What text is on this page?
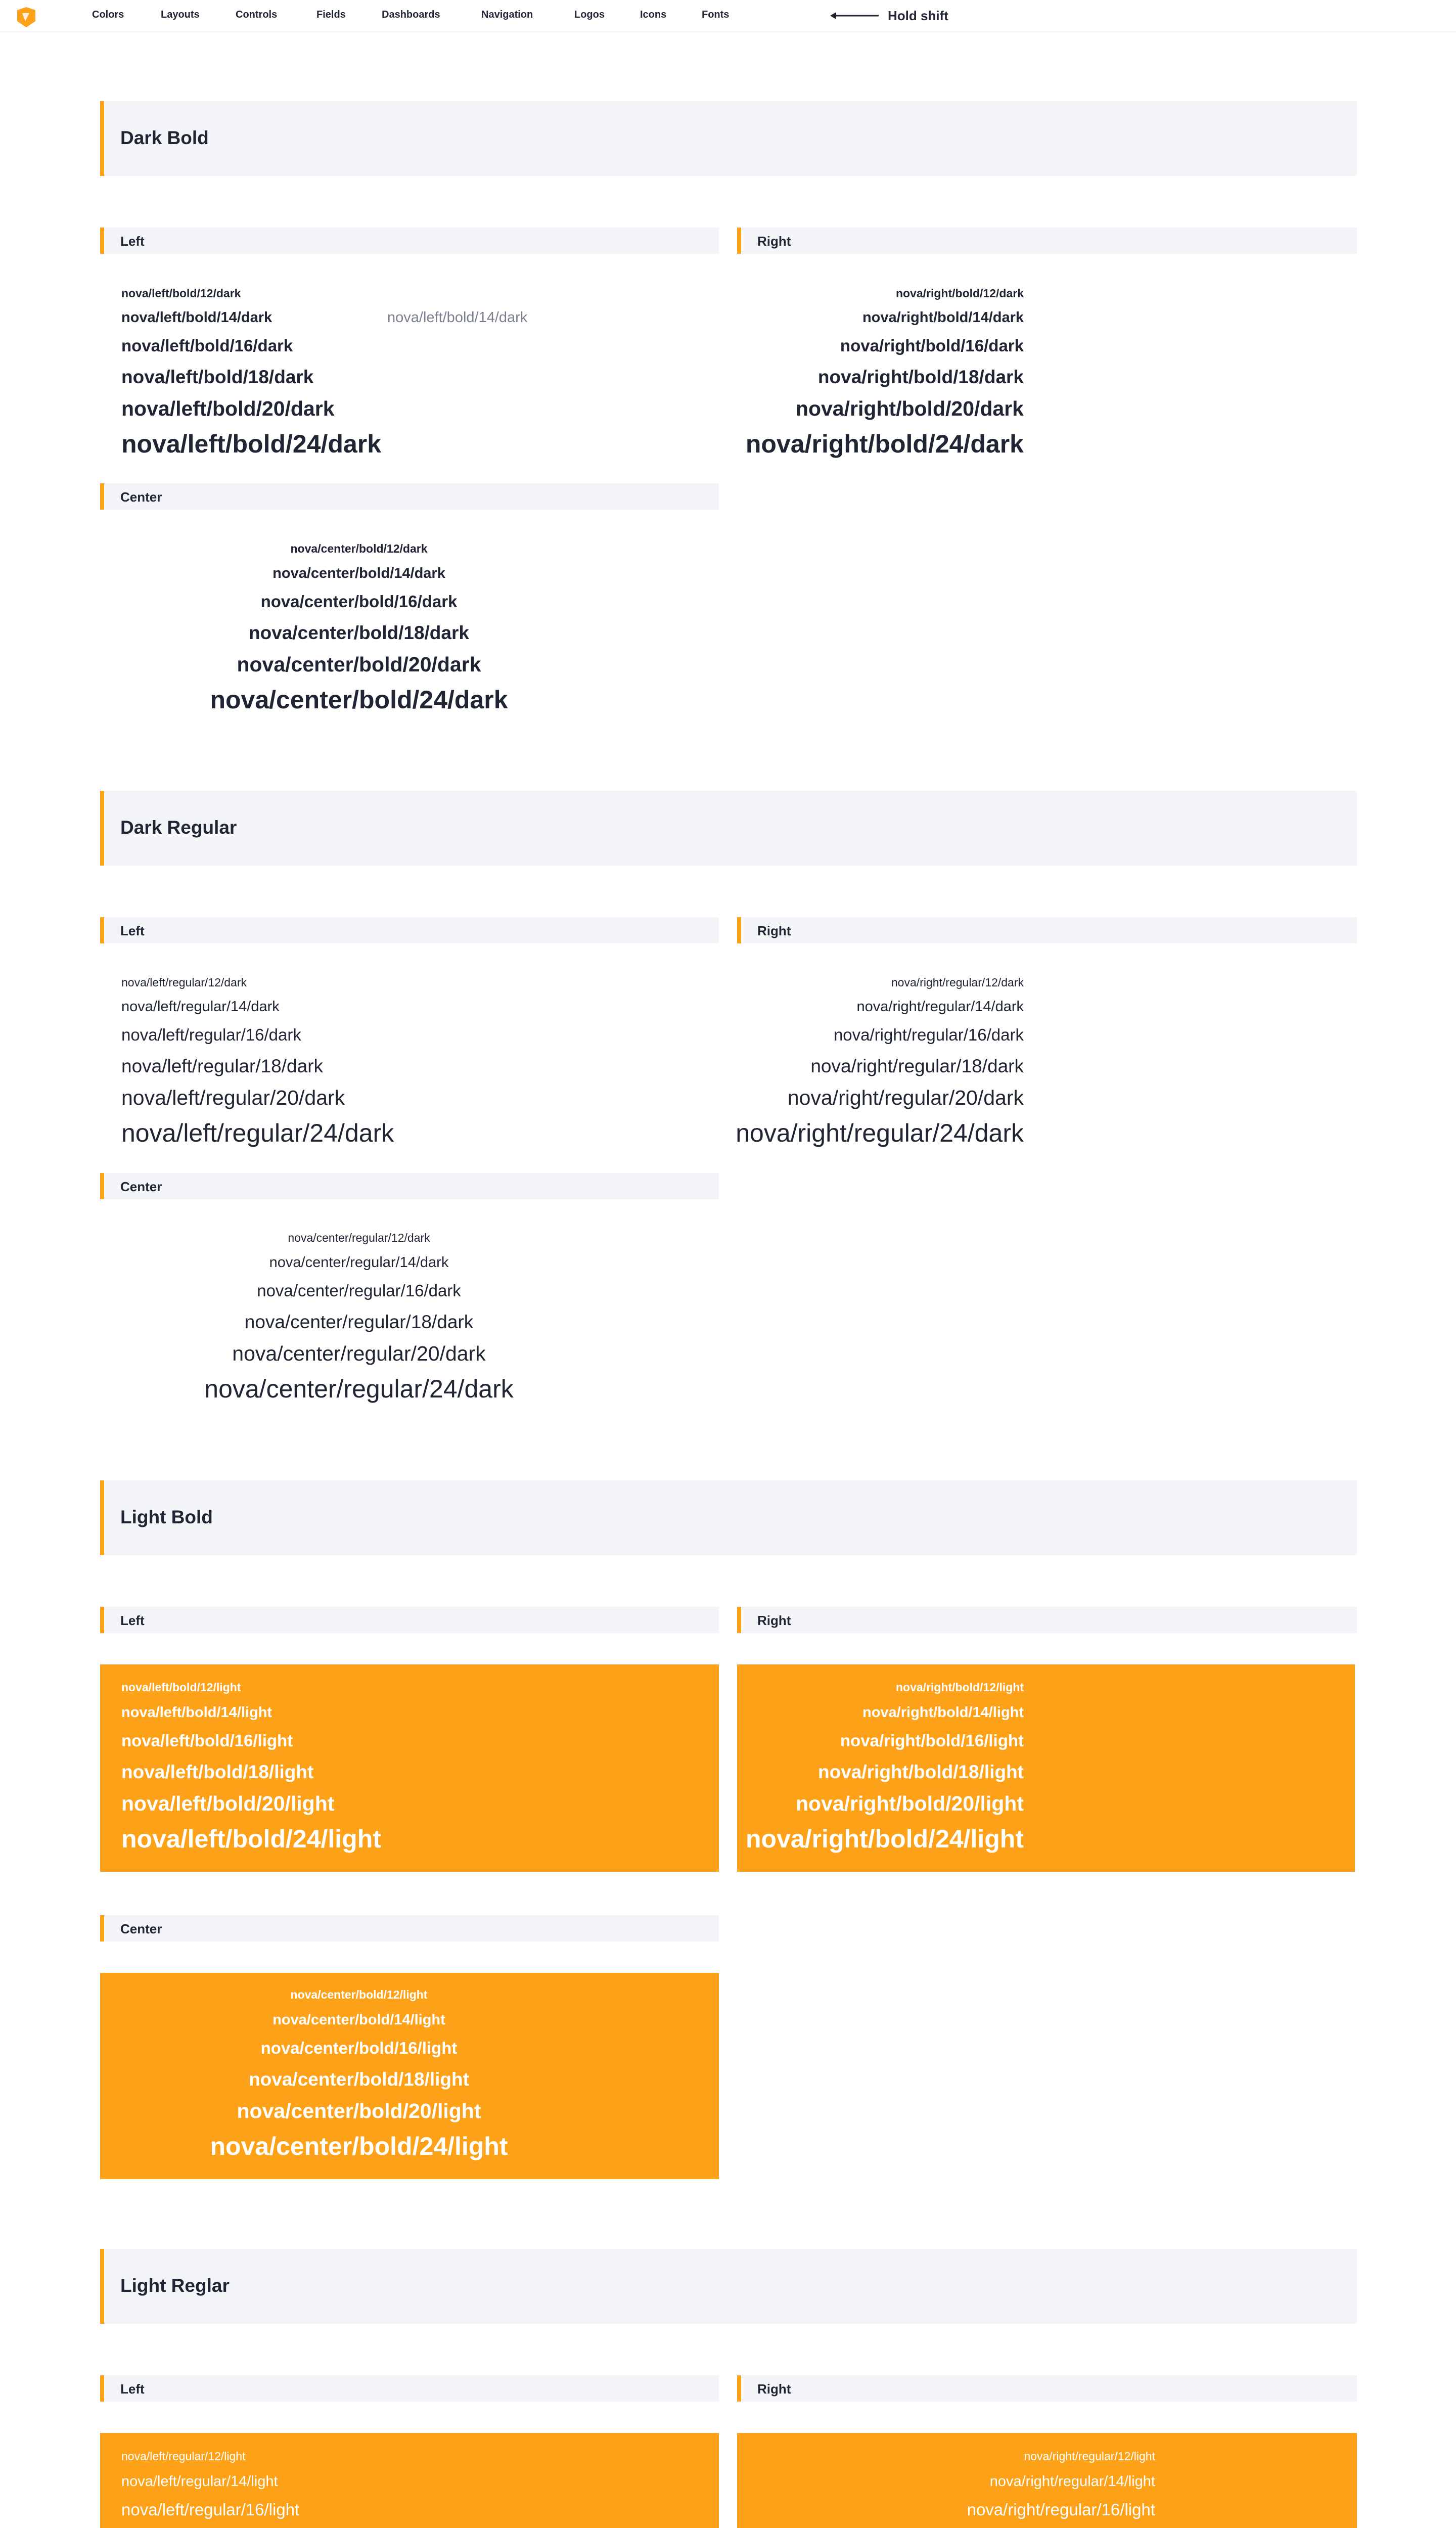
Colors	Layouts	Controls	Fields	Dashboards	Navigation	Logos	Icons	Fonts	Hold shift
Dark Bold
Left	Right
nova/left/bold/12/dark
nova/left/bold/14/dark	nova/left/bold/14/dark
nova/left/bold/16/dark
nova/left/bold/18/dark
nova/left/bold/20/dark
nova/left/bold/24/dark
nova/right/bold/12/dark
nova/right/bold/14/dark
nova/right/bold/16/dark
nova/right/bold/18/dark
nova/right/bold/20/dark
nova/right/bold/24/dark
Center
nova/center/bold/12/dark
nova/center/bold/14/dark
nova/center/bold/16/dark
nova/center/bold/18/dark
nova/center/bold/20/dark
nova/center/bold/24/dark
Dark Regular
Left	Right
nova/left/regular/12/dark
nova/left/regular/14/dark
nova/left/regular/16/dark
nova/left/regular/18/dark
nova/left/regular/20/dark
nova/left/regular/24/dark
nova/right/regular/12/dark
nova/right/regular/14/dark
nova/right/regular/16/dark
nova/right/regular/18/dark
nova/right/regular/20/dark
nova/right/regular/24/dark
Center
nova/center/regular/12/dark
nova/center/regular/14/dark
nova/center/regular/16/dark
nova/center/regular/18/dark
nova/center/regular/20/dark
nova/center/regular/24/dark
Light Bold
Left	Right
nova/left/bold/12/light
nova/left/bold/14/light
nova/left/bold/16/light
nova/left/bold/18/light
nova/left/bold/20/light
nova/left/bold/24/light
nova/right/bold/12/light
nova/right/bold/14/light
nova/right/bold/16/light
nova/right/bold/18/light
nova/right/bold/20/light
nova/right/bold/24/light
Center
nova/center/bold/12/light
nova/center/bold/14/light
nova/center/bold/16/light
nova/center/bold/18/light
nova/center/bold/20/light
nova/center/bold/24/light
Light Reglar
Left	Right
nova/left/regular/12/light
nova/left/regular/14/light
nova/left/regular/16/light
nova/right/regular/12/light
nova/right/regular/14/light
nova/right/regular/16/light
